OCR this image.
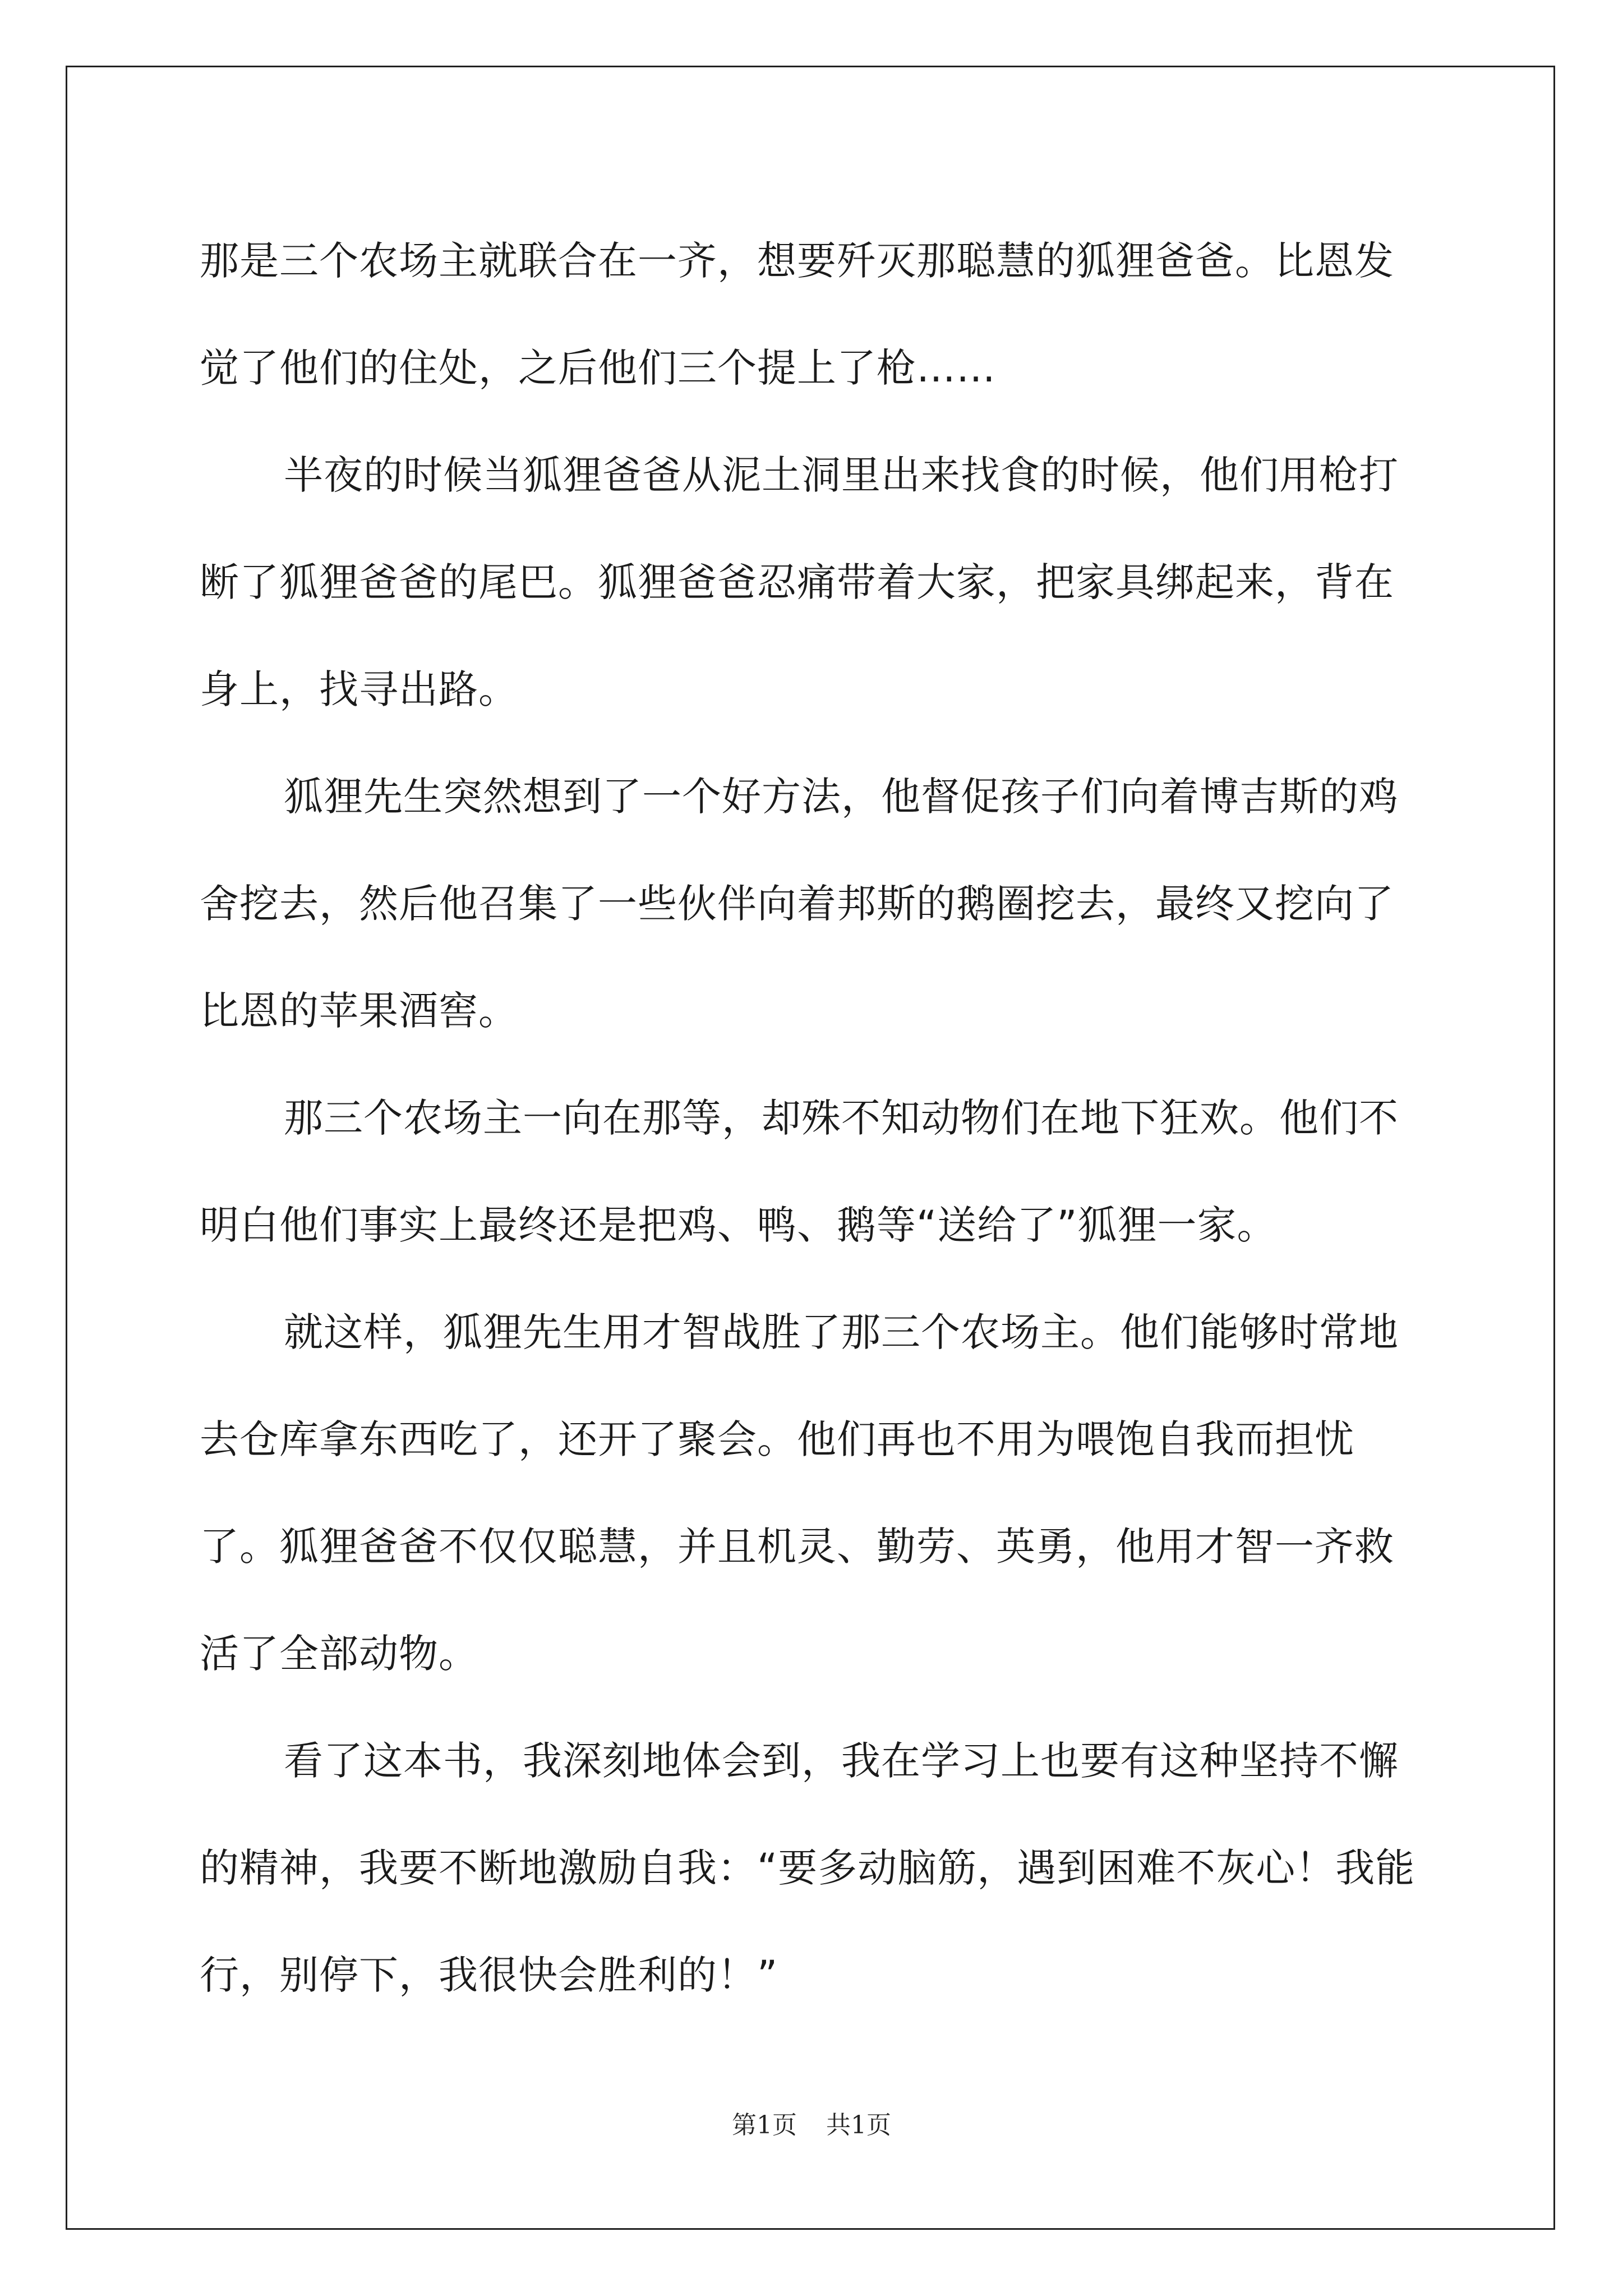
那是三个农场主就联合在一齐，想要歼灭那聪慧的狐狸爸爸。比恩发觉了他们的住处，之后他们三个提上了枪……

半夜的时候当狐狸爸爸从泥土洞里出来找食的时候，他们用枪打断了狐狸爸爸的尾巴。狐狸爸爸忍痛带着大家，把家具绑起来，背在身上，找寻出路。

狐狸先生突然想到了一个好方法，他督促孩子们向着博吉斯的鸡舍挖去，然后他召集了一些伙伴向着邦斯的鹅圈挖去，最终又挖向了比恩的苹果酒窖。

那三个农场主一向在那等，却殊不知动物们在地下狂欢。他们不明白他们事实上最终还是把鸡、鸭、鹅等“送给了”狐狸一家。

就这样，狐狸先生用才智战胜了那三个农场主。他们能够时常地去仓库拿东西吃了，还开了聚会。他们再也不用为喂饱自我而担忧了。狐狸爸爸不仅仅聪慧，并且机灵、勤劳、英勇，他用才智一齐救活了全部动物。

看了这本书，我深刻地体会到，我在学习上也要有这种坚持不懈的精神，我要不断地激励自我：“要多动脑筋，遇到困难不灰心！我能行，别停下，我很快会胜利的！”

第1页 共1页
